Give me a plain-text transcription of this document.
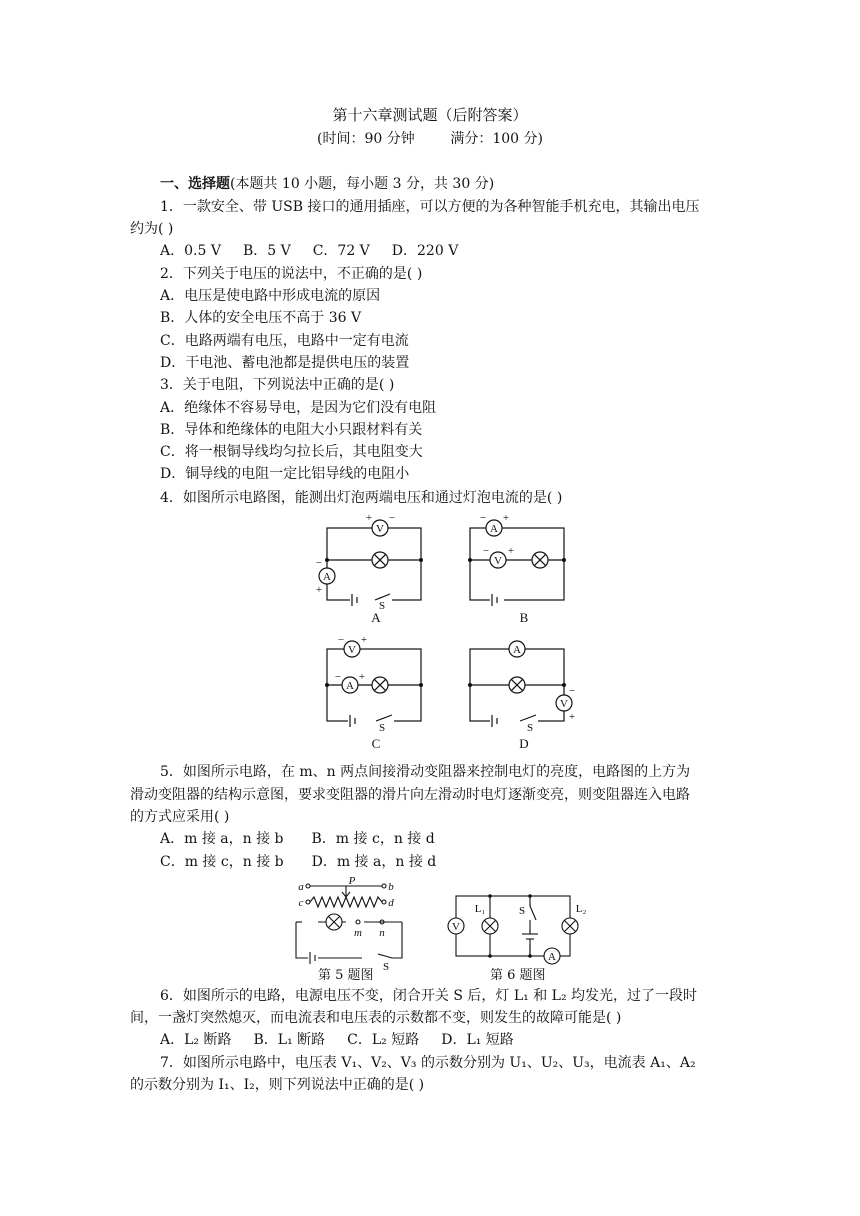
第十六章测试题（后附答案）
(时间：90 分钟        满分：100 分)
一、选择题(本题共 10 小题，每小题 3 分，共 30 分)
1．一款安全、带 USB 接口的通用插座，可以方便的为各种智能手机充电，其输出电压
约为( )
A．0.5 V B．5 V C．72 V D．220 V
2．下列关于电压的说法中，不正确的是( )
A．电压是使电路中形成电流的原因
B．人体的安全电压不高于 36 V
C．电路两端有电压，电路中一定有电流
D．干电池、蓄电池都是提供电压的装置
3．关于电阻，下列说法中正确的是( )
A．绝缘体不容易导电，是因为它们没有电阻
B．导体和绝缘体的电阻大小只跟材料有关
C．将一根铜导线均匀拉长后，其电阻变大
D．铜导线的电阻一定比铝导线的电阻小
4．如图所示电路图，能测出灯泡两端电压和通过灯泡电流的是( )
V
A
A
V
V
A
A
V
+ −
−
+
− +
− +
− +
− +
−
+
S
S	S
A	B
C	D
5．如图所示电路，在 m、n 两点间接滑动变阻器来控制电灯的亮度，电路图的上方为
滑动变阻器的结构示意图，要求变阻器的滑片向左滑动时电灯逐渐变亮，则变阻器连入电路
的方式应采用( )
A．m 接 a，n 接 b B．m 接 c，n 接 d
C．m 接 c，n 接 b D．m 接 a，n 接 d
a	b
c	d
P
m n
S
V
A
L₁	L₂
S
第 5 题图	第 6 题图
6．如图所示的电路，电源电压不变，闭合开关 S 后，灯 L₁ 和 L₂ 均发光，过了一段时
间，一盏灯突然熄灭，而电流表和电压表的示数都不变，则发生的故障可能是( )
A．L₂ 断路 B．L₁ 断路 C．L₂ 短路 D．L₁ 短路
7．如图所示电路中，电压表 V₁、V₂、V₃ 的示数分别为 U₁、U₂、U₃，电流表 A₁、A₂
的示数分别为 I₁、I₂，则下列说法中正确的是( )
